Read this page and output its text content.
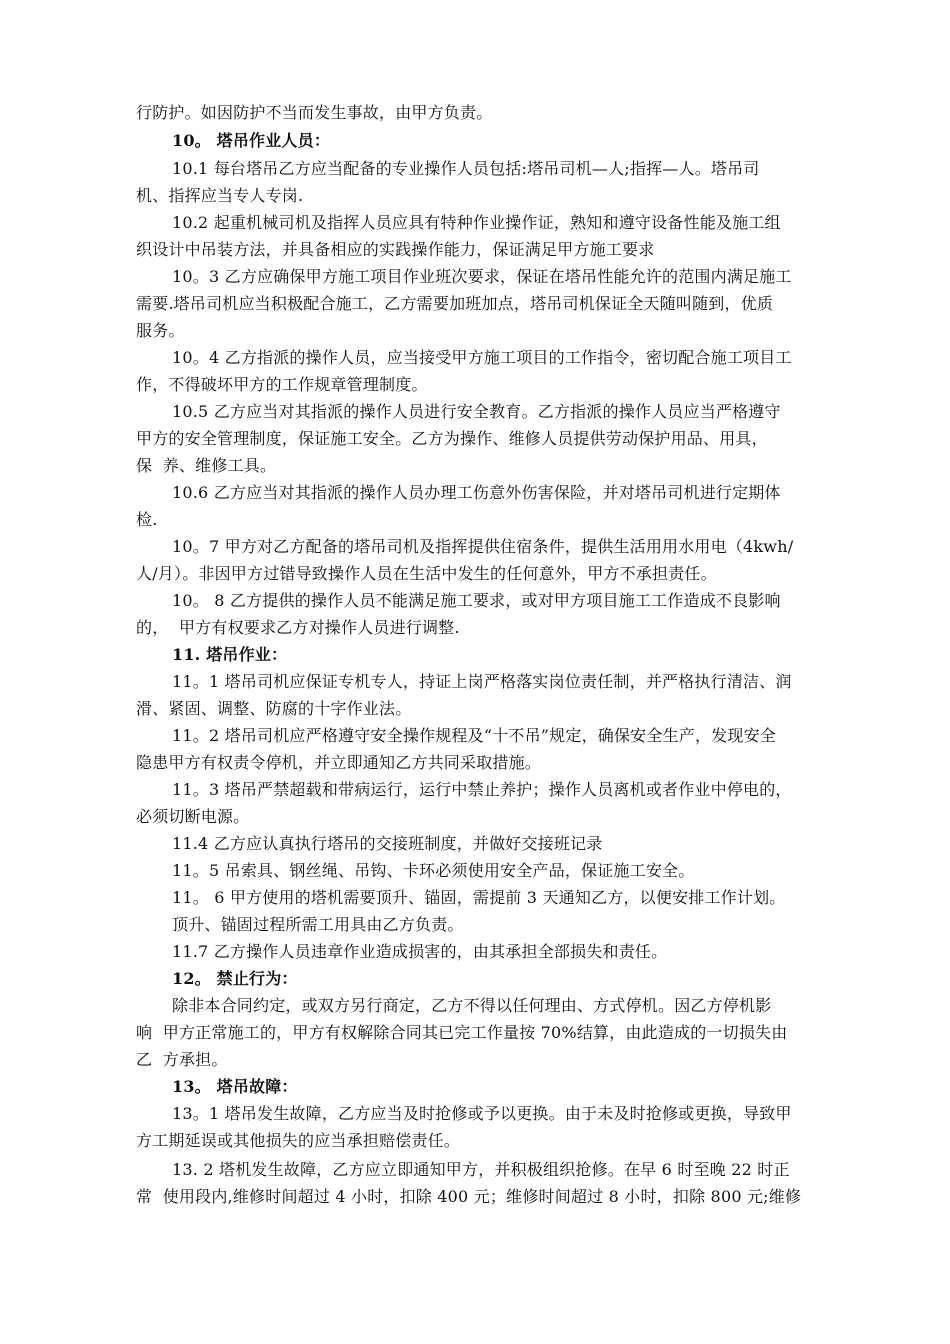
行防护。如因防护不当而发生事故，由甲方负责。
10。 塔吊作业人员：
10.1 每台塔吊乙方应当配备的专业操作人员包括:塔吊司机—人;指挥—人。塔吊司
机、指挥应当专人专岗.
10.2 起重机械司机及指挥人员应具有特种作业操作证，熟知和遵守设备性能及施工组
织设计中吊装方法，并具备相应的实践操作能力，保证满足甲方施工要求
10。3 乙方应确保甲方施工项目作业班次要求，保证在塔吊性能允许的范围内满足施工
需要.塔吊司机应当积极配合施工，乙方需要加班加点，塔吊司机保证全天随叫随到，优质
服务。
10。4 乙方指派的操作人员，应当接受甲方施工项目的工作指令，密切配合施工项目工
作，不得破坏甲方的工作规章管理制度。
10.5 乙方应当对其指派的操作人员进行安全教育。乙方指派的操作人员应当严格遵守
甲方的安全管理制度，保证施工安全。乙方为操作、维修人员提供劳动保护用品、用具，
保  养、维修工具。
10.6 乙方应当对其指派的操作人员办理工伤意外伤害保险，并对塔吊司机进行定期体
检.
10。7 甲方对乙方配备的塔吊司机及指挥提供住宿条件，提供生活用用水用电（4kwh/
人/月）。非因甲方过错导致操作人员在生活中发生的任何意外，甲方不承担责任。
10。 8 乙方提供的操作人员不能满足施工要求，或对甲方项目施工工作造成不良影响
的，  甲方有权要求乙方对操作人员进行调整.
11. 塔吊作业：
11。1 塔吊司机应保证专机专人，持证上岗严格落实岗位责任制，并严格执行清洁、润
滑、紧固、调整、防腐的十字作业法。
11。2 塔吊司机应严格遵守安全操作规程及“十不吊”规定，确保安全生产，发现安全
隐患甲方有权责令停机，并立即通知乙方共同采取措施。
11。3 塔吊严禁超载和带病运行，运行中禁止养护；操作人员离机或者作业中停电的，
必须切断电源。
11.4 乙方应认真执行塔吊的交接班制度，并做好交接班记录
11。5 吊索具、钢丝绳、吊钩、卡环必须使用安全产品，保证施工安全。
11。 6 甲方使用的塔机需要顶升、锚固，需提前 3 天通知乙方，以便安排工作计划。
顶升、锚固过程所需工用具由乙方负责。
11.7 乙方操作人员违章作业造成损害的，由其承担全部损失和责任。
12。 禁止行为：
除非本合同约定，或双方另行商定，乙方不得以任何理由、方式停机。因乙方停机影
响  甲方正常施工的，甲方有权解除合同其已完工作量按 70%结算，由此造成的一切损失由
乙  方承担。
13。 塔吊故障：
13。1 塔吊发生故障，乙方应当及时抢修或予以更换。由于未及时抢修或更换，导致甲
方工期延误或其他损失的应当承担赔偿责任。
13. 2 塔机发生故障，乙方应立即通知甲方，并积极组织抢修。在早 6 时至晚 22 时正
常  使用段内,维修时间超过 4 小时，扣除 400 元；维修时间超过 8 小时，扣除 800 元;维修
